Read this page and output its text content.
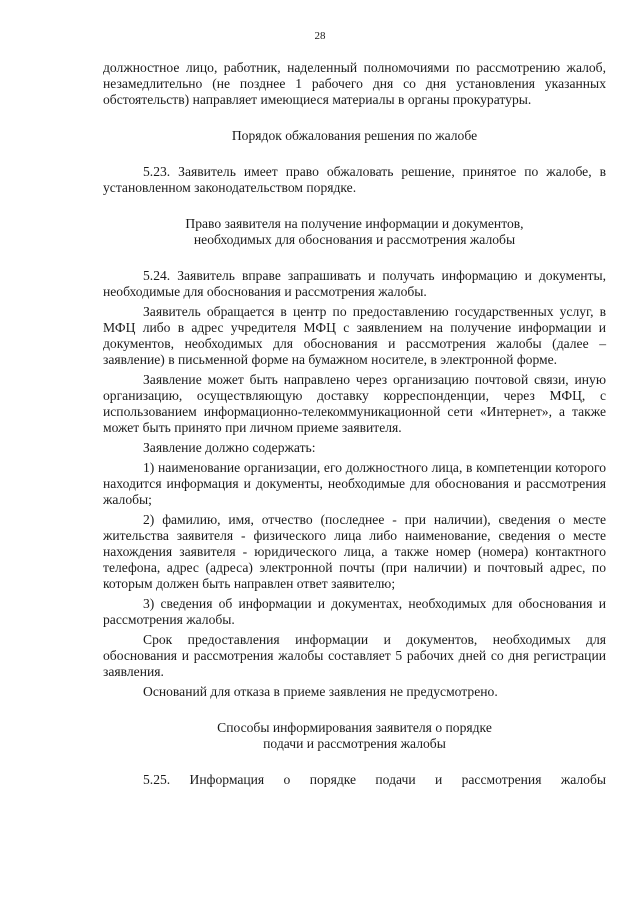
28

должностное лицо, работник, наделенный полномочиями по рассмотрению жалоб, незамедлительно (не позднее 1 рабочего дня со дня установления указанных обстоятельств) направляет имеющиеся материалы в органы прокуратуры.

Порядок обжалования решения по жалобе

5.23. Заявитель имеет право обжаловать решение, принятое по жалобе, в установленном законодательством порядке.

Право заявителя на получение информации и документов,

необходимых для обоснования и рассмотрения жалобы

5.24. Заявитель вправе запрашивать и получать информацию и документы, необходимые для обоснования и рассмотрения жалобы.

Заявитель обращается в центр по предоставлению государственных услуг, в МФЦ либо в адрес учредителя МФЦ с заявлением на получение информации и документов, необходимых для обоснования и рассмотрения жалобы (далее – заявление) в письменной форме на бумажном носителе, в электронной форме.

Заявление может быть направлено через организацию почтовой связи, иную организацию, осуществляющую доставку корреспонденции, через МФЦ, с использованием информационно-телекоммуникационной сети «Интернет», а также может быть принято при личном приеме заявителя.

Заявление должно содержать:

1) наименование организации, его должностного лица, в компетенции которого находится информация и документы, необходимые для обоснования и рассмотрения жалобы;

2) фамилию, имя, отчество (последнее - при наличии), сведения о месте жительства заявителя - физического лица либо наименование, сведения о месте нахождения заявителя - юридического лица, а также номер (номера) контактного телефона, адрес (адреса) электронной почты (при наличии) и почтовый адрес, по которым должен быть направлен ответ заявителю;

3) сведения об информации и документах, необходимых для обоснования и рассмотрения жалобы.

Срок предоставления информации и документов, необходимых для обоснования и рассмотрения жалобы составляет 5 рабочих дней со дня регистрации заявления.

Оснований для отказа в приеме заявления не предусмотрено.

Способы информирования заявителя о порядке

подачи и рассмотрения жалобы

5.25. Информация о порядке подачи и рассмотрения жалобы
